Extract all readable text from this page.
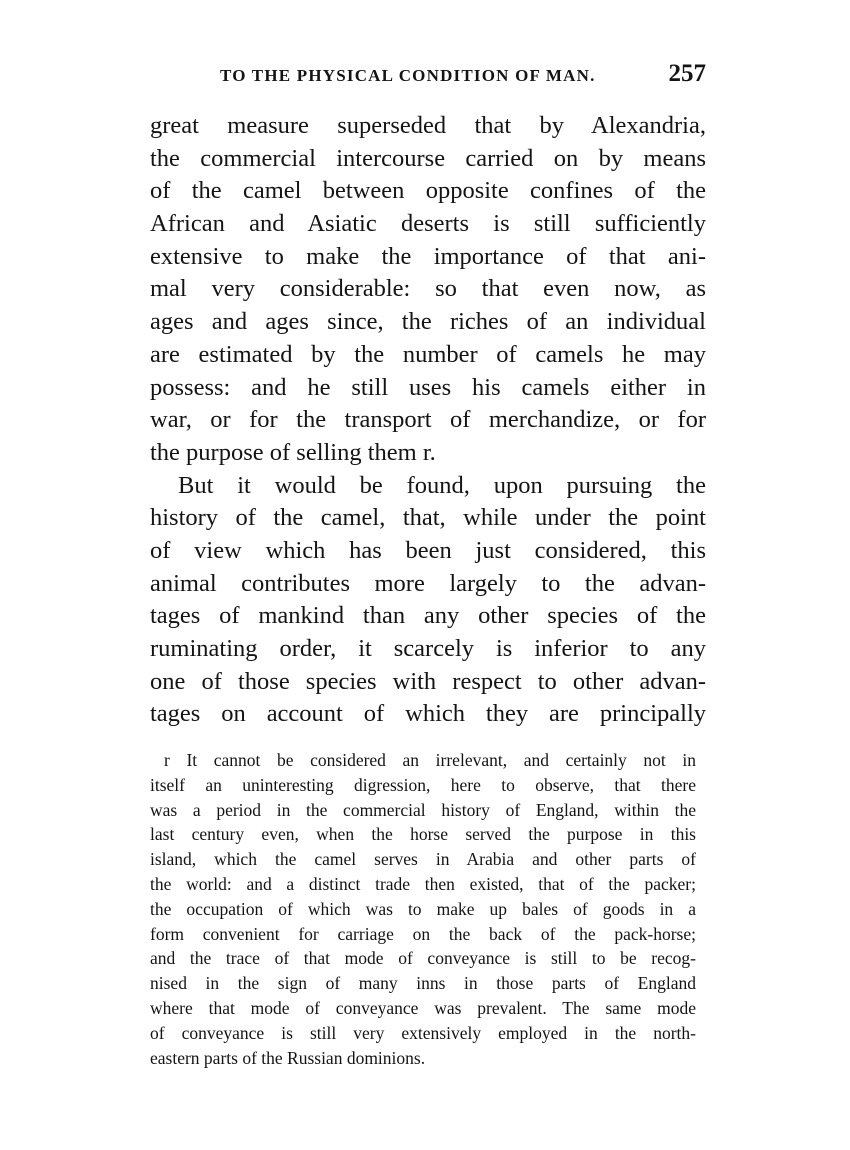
TO THE PHYSICAL CONDITION OF MAN.	257
great measure superseded that by Alexandria,
the commercial intercourse carried on by means
of the camel between opposite confines of the
African and Asiatic deserts is still sufficiently
extensive to make the importance of that ani-
mal very considerable: so that even now, as
ages and ages since, the riches of an individual
are estimated by the number of camels he may
possess: and he still uses his camels either in
war, or for the transport of merchandize, or for
the purpose of selling them r.
But it would be found, upon pursuing the
history of the camel, that, while under the point
of view which has been just considered, this
animal contributes more largely to the advan-
tages of mankind than any other species of the
ruminating order, it scarcely is inferior to any
one of those species with respect to other advan-
tages on account of which they are principally
r It cannot be considered an irrelevant, and certainly not in
itself an uninteresting digression, here to observe, that there
was a period in the commercial history of England, within the
last century even, when the horse served the purpose in this
island, which the camel serves in Arabia and other parts of
the world: and a distinct trade then existed, that of the packer;
the occupation of which was to make up bales of goods in a
form convenient for carriage on the back of the pack-horse;
and the trace of that mode of conveyance is still to be recog-
nised in the sign of many inns in those parts of England
where that mode of conveyance was prevalent. The same mode
of conveyance is still very extensively employed in the north-
eastern parts of the Russian dominions.
